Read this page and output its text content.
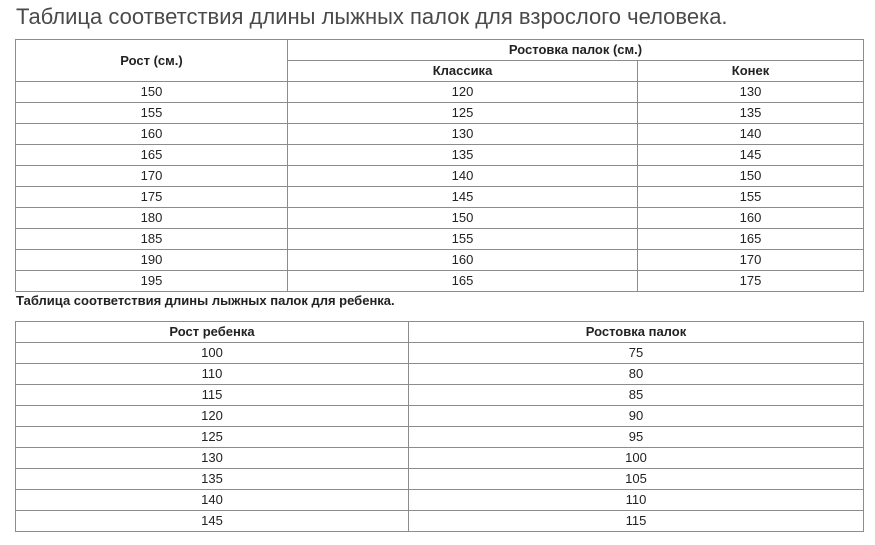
Таблица соответствия длины лыжных палок для взрослого человека.
Рост (см.)	Ростовка палок (см.)	
	Классика	Конек
150	120	130
155	125	135
160	130	140
165	135	145
170	140	150
175	145	155
180	150	160
185	155	165
190	160	170
195	165	175
Таблица соответствия длины лыжных палок для ребенка.
Рост ребенка	Ростовка палок
100	75
110	80
115	85
120	90
125	95
130	100
135	105
140	110
145	115
